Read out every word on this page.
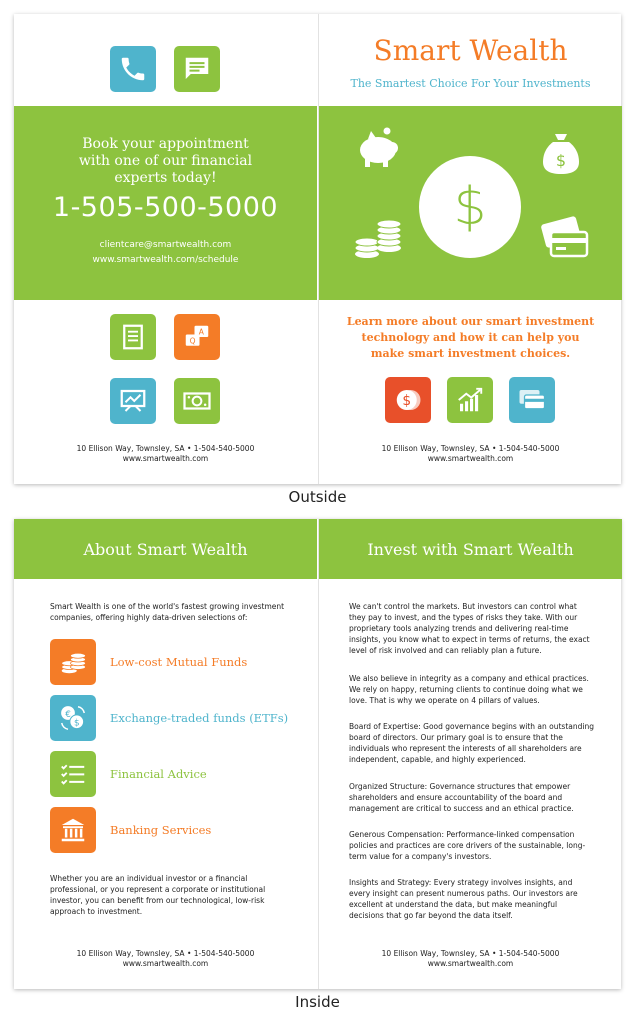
Book your appointment
with one of our financial
experts today!
1-505-500-5000
clientcare@smartwealth.com
www.smartwealth.com/schedule
A
Q
10 Ellison Way, Townsley, SA • 1-504-540-5000
www.smartwealth.com
Smart Wealth
The Smartest Choice For Your Investments
$
$
Learn more about our smart investment
technology and how it can help you
make smart investment choices.
$
10 Ellison Way, Townsley, SA • 1-504-540-5000
www.smartwealth.com
Outside
About Smart Wealth
Smart Wealth is one of the world's fastest growing investment companies, offering highly data-driven selections of:
Low-cost Mutual Funds
€
$	Exchange-traded funds (ETFs)
Financial Advice
Banking Services
Whether you are an individual investor or a financial professional, or you represent a corporate or institutional investor, you can benefit from our technological, low-risk approach to investment.
10 Ellison Way, Townsley, SA • 1-504-540-5000
www.smartwealth.com
Invest with Smart Wealth
We can't control the markets. But investors can control what they pay to invest, and the types of risks they take. With our proprietary tools analyzing trends and delivering real-time insights, you know what to expect in terms of returns, the exact level of risk involved and can reliably plan a future.
We also believe in integrity as a company and ethical practices. We rely on happy, returning clients to continue doing what we love. That is why we operate on 4 pillars of values.
Board of Expertise: Good governance begins with an outstanding board of directors. Our primary goal is to ensure that the individuals who represent the interests of all shareholders are independent, capable, and highly experienced.
Organized Structure: Governance structures that empower shareholders and ensure accountability of the board and management are critical to success and an ethical practice.
Generous Compensation: Performance-linked compensation policies and practices are core drivers of the sustainable, long-term value for a company's investors.
Insights and Strategy: Every strategy involves insights, and every insight can present numerous paths. Our investors are excellent at understand the data, but make meaningful decisions that go far beyond the data itself.
10 Ellison Way, Townsley, SA • 1-504-540-5000
www.smartwealth.com
Inside
